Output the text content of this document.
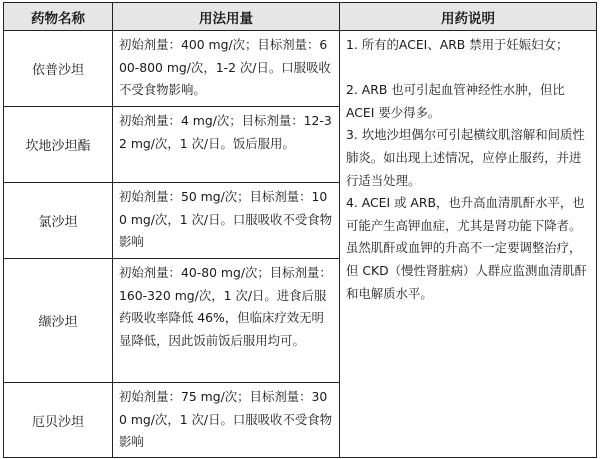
药物名称	用法用量	用药说明
依普沙坦	初始剂量：400 mg/次；目标剂量：600-800 mg/次，1-2 次/日。口服吸收不受食物影响。	1. 所有的ACEI、ARB 禁用于妊娠妇女；

2. ARB 也可引起血管神经性水肿，但比 ACEI 要少得多。

3. 坎地沙坦偶尔可引起横纹肌溶解和间质性肺炎。如出现上述情况，应停止服药，并进行适当处理。

4. ACEI 或 ARB，也升高血清肌酐水平，也可能产生高钾血症，尤其是肾功能下降者。

虽然肌酐或血钾的升高不一定要调整治疗，但 CKD（慢性肾脏病）人群应监测血清肌酐和电解质水平。

坎地沙坦酯	初始剂量：4 mg/次；目标剂量：12-32 mg/次，1 次/日。饭后服用。	
氯沙坦	初始剂量：50 mg/次；目标剂量：100 mg/次，1 次/日。口服吸收不受食物影响	
缬沙坦	初始剂量：40-80 mg/次；目标剂量：160-320 mg/次，1 次/日。进食后服药吸收率降低 46%，但临床疗效无明显降低，因此饭前饭后服用均可。	
厄贝沙坦	初始剂量：75 mg/次；目标剂量：300 mg/次，1 次/日。口服吸收不受食物影响	
